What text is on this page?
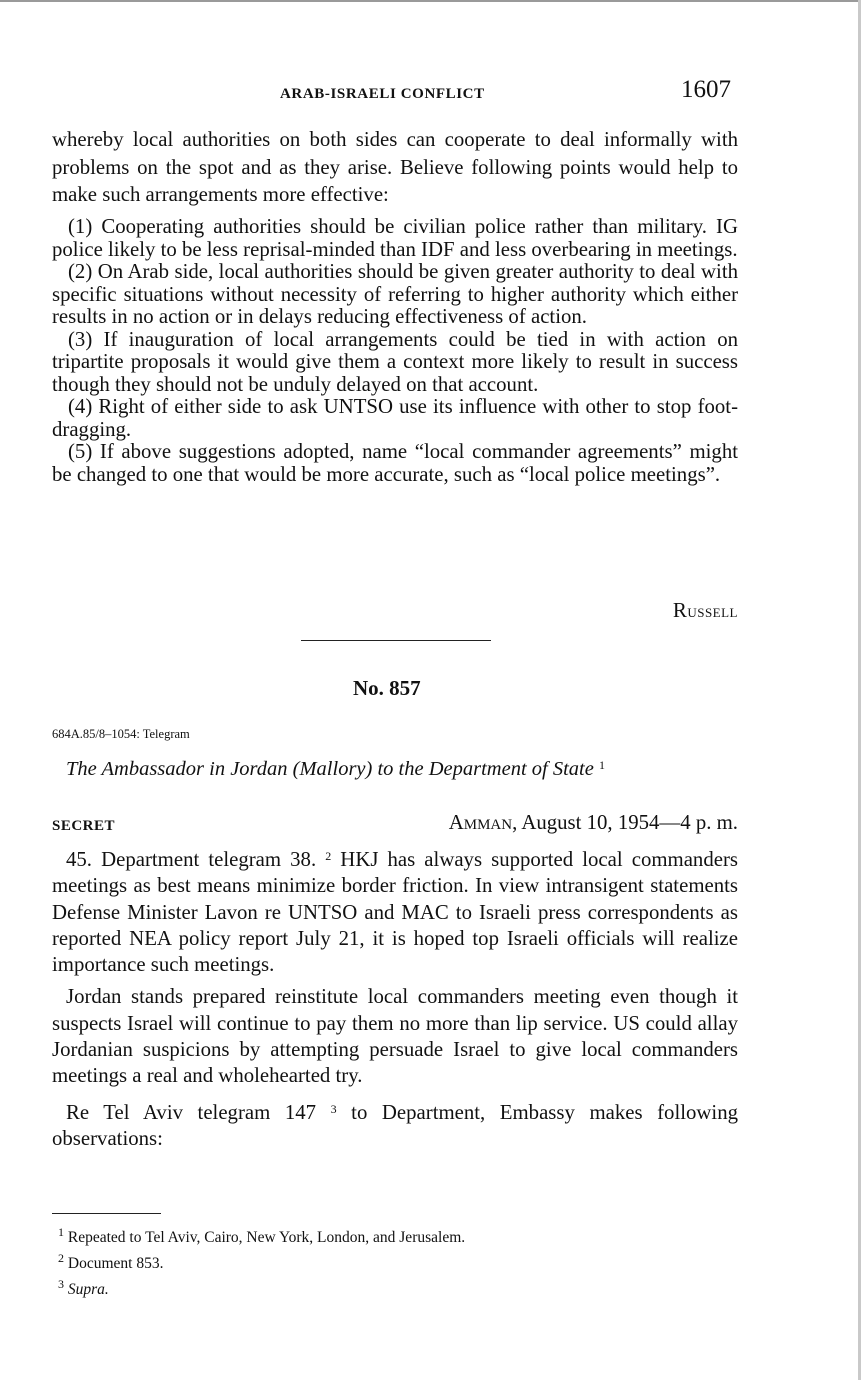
ARAB-ISRAELI CONFLICT	1607

whereby local authorities on both sides can cooperate to deal informally with problems on the spot and as they arise. Believe following points would help to make such arrangements more effective:

(1) Cooperating authorities should be civilian police rather than military. IG police likely to be less reprisal-minded than IDF and less overbearing in meetings.

(2) On Arab side, local authorities should be given greater authority to deal with specific situations without necessity of referring to higher authority which either results in no action or in delays reducing effectiveness of action.

(3) If inauguration of local arrangements could be tied in with action on tripartite proposals it would give them a context more likely to result in success though they should not be unduly delayed on that account.

(4) Right of either side to ask UNTSO use its influence with other to stop foot-dragging.

(5) If above suggestions adopted, name “local commander agreements” might be changed to one that would be more accurate, such as “local police meetings”.

Russell
No. 857
684A.85/8–1054: Telegram
The Ambassador in Jordan (Mallory) to the Department of State $^1$
SECRET	Amman, August 10, 1954—4 p. m.

45. Department telegram 38. $^2$ HKJ has always supported local commanders meetings as best means minimize border friction. In view intransigent statements Defense Minister Lavon re UNTSO and MAC to Israeli press correspondents as reported NEA policy report July 21, it is hoped top Israeli officials will realize importance such meetings.

Jordan stands prepared reinstitute local commanders meeting even though it suspects Israel will continue to pay them no more than lip service. US could allay Jordanian suspicions by attempting persuade Israel to give local commanders meetings a real and wholehearted try.

Re Tel Aviv telegram 147 $^3$ to Department, Embassy makes following observations:

$^1$ Repeated to Tel Aviv, Cairo, New York, London, and Jerusalem.
$^2$ Document 853.
$^3$ Supra.
